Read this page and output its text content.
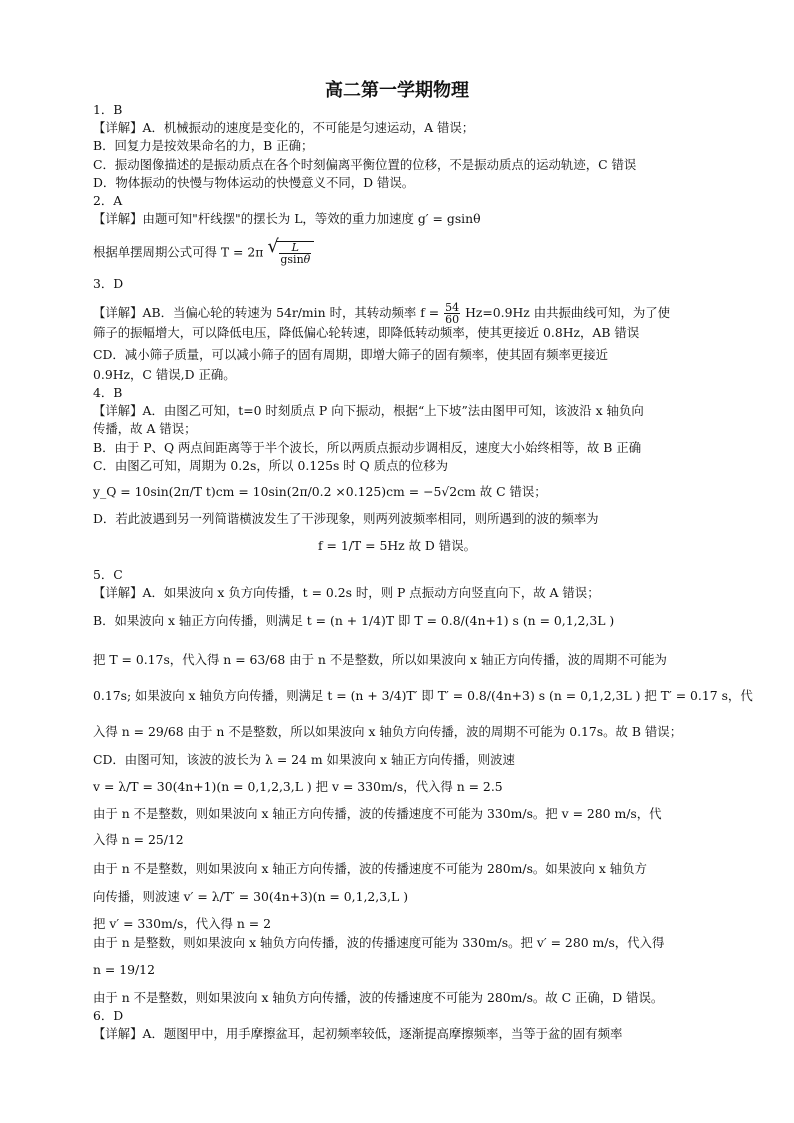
高二第一学期物理
1．B
【详解】A．机械振动的速度是变化的，不可能是匀速运动，A 错误；
B．回复力是按效果命名的力，B 正确；
C．振动图像描述的是振动质点在各个时刻偏离平衡位置的位移，不是振动质点的运动轨迹，C 错误
D．物体振动的快慢与物体运动的快慢意义不同，D 错误。
2．A
【详解】由题可知"杆线摆"的摆长为 L，等效的重力加速度 g′ = gsinθ
根据单摆周期公式可得 T = 2π √ $\frac{L}{gsin\theta}$
3．D
【详解】AB．当偏心轮的转速为 54r/min 时，其转动频率 $f = \frac{54}{60} Hz=0.9Hz$ 由共振曲线可知，为了使
筛子的振幅增大，可以降低电压，降低偏心轮转速，即降低转动频率，使其更接近 0.8Hz，AB 错误
CD．减小筛子质量，可以减小筛子的固有周期，即增大筛子的固有频率，使其固有频率更接近
0.9Hz，C 错误,D 正确。
4．B
【详解】A．由图乙可知，t=0 时刻质点 P 向下振动，根据“上下坡”法由图甲可知，该波沿 x 轴负向
传播，故 A 错误；
B．由于 P、Q 两点间距离等于半个波长，所以两质点振动步调相反，速度大小始终相等，故 B 正确
C．由图乙可知，周期为 0.2s，所以 0.125s 时 Q 质点的位移为
y_Q = 10sin(2π/T t)cm = 10sin(2π/0.2 ×0.125)cm = −5√2cm 故 C 错误；
D．若此波遇到另一列简谐横波发生了干涉现象，则两列波频率相同，则所遇到的波的频率为
f = 1/T = 5Hz 故 D 错误。
5．C
【详解】A．如果波向 x 负方向传播，t = 0.2s 时，则 P 点振动方向竖直向下，故 A 错误；
B．如果波向 x 轴正方向传播，则满足 t = (n + 1/4)T 即 T = 0.8/(4n+1) s (n = 0,1,2,3L )
把 T = 0.17s，代入得 n = 63/68 由于 n 不是整数，所以如果波向 x 轴正方向传播，波的周期不可能为
0.17s; 如果波向 x 轴负方向传播，则满足 t = (n + 3/4)T′ 即 T′ = 0.8/(4n+3) s (n = 0,1,2,3L ) 把 T′ = 0.17 s，代
入得 n = 29/68 由于 n 不是整数，所以如果波向 x 轴负方向传播，波的周期不可能为 0.17s。故 B 错误；
CD．由图可知，该波的波长为 λ = 24 m 如果波向 x 轴正方向传播，则波速
v = λ/T = 30(4n+1)(n = 0,1,2,3,L ) 把 v = 330m/s，代入得 n = 2.5
由于 n 不是整数，则如果波向 x 轴正方向传播，波的传播速度不可能为 330m/s。把 v = 280 m/s，代
入得 n = 25/12
由于 n 不是整数，则如果波向 x 轴正方向传播，波的传播速度不可能为 280m/s。如果波向 x 轴负方
向传播，则波速 v′ = λ/T′ = 30(4n+3)(n = 0,1,2,3,L )
把 v′ = 330m/s，代入得 n = 2
由于 n 是整数，则如果波向 x 轴负方向传播，波的传播速度可能为 330m/s。把 v′ = 280 m/s，代入得
n = 19/12
由于 n 不是整数，则如果波向 x 轴负方向传播，波的传播速度不可能为 280m/s。故 C 正确，D 错误。
6．D
【详解】A．题图甲中，用手摩擦盆耳，起初频率较低，逐渐提高摩擦频率，当等于盆的固有频率
